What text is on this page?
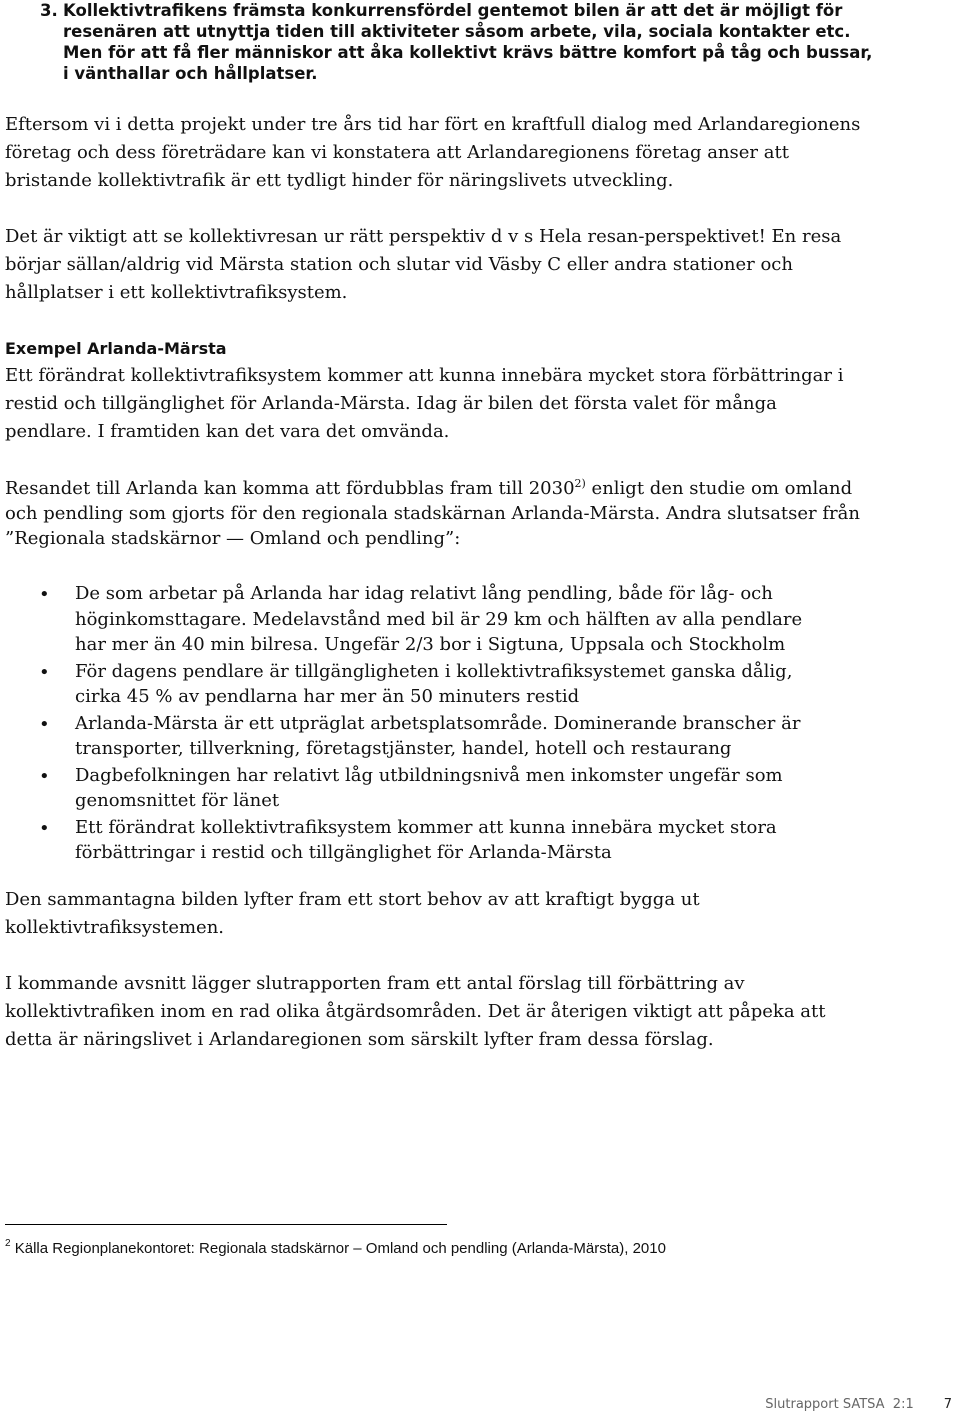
3. Kollektivtrafikens främsta konkurrensfördel gentemot bilen är att det är möjligt för
resenären att utnyttja tiden till aktiviteter såsom arbete, vila, sociala kontakter etc.
Men för att få fler människor att åka kollektivt krävs bättre komfort på tåg och bussar,
i vänthallar och hållplatser.
Eftersom vi i detta projekt under tre års tid har fört en kraftfull dialog med Arlandaregionens
företag och dess företrädare kan vi konstatera att Arlandaregionens företag anser att
bristande kollektivtrafik är ett tydligt hinder för näringslivets utveckling.
Det är viktigt att se kollektivresan ur rätt perspektiv d v s Hela resan-perspektivet! En resa
börjar sällan/aldrig vid Märsta station och slutar vid Väsby C eller andra stationer och
hållplatser i ett kollektivtrafiksystem.
Exempel Arlanda-Märsta
Ett förändrat kollektivtrafiksystem kommer att kunna innebära mycket stora förbättringar i
restid och tillgänglighet för Arlanda-Märsta. Idag är bilen det första valet för många
pendlare. I framtiden kan det vara det omvända.
Resandet till Arlanda kan komma att fördubblas fram till 2030$^{2)}$ enligt den studie om omland
och pendling som gjorts för den regionala stadskärnan Arlanda-Märsta. Andra slutsatser från
”Regionala stadskärnor — Omland och pendling”:
• De som arbetar på Arlanda har idag relativt lång pendling, både för låg- och
höginkomsttagare. Medelavstånd med bil är 29 km och hälften av alla pendlare
har mer än 40 min bilresa. Ungefär 2/3 bor i Sigtuna, Uppsala och Stockholm
• För dagens pendlare är tillgängligheten i kollektivtrafiksystemet ganska dålig,
cirka 45 % av pendlarna har mer än 50 minuters restid
• Arlanda-Märsta är ett utpräglat arbetsplatsområde. Dominerande branscher är
transporter, tillverkning, företagstjänster, handel, hotell och restaurang
• Dagbefolkningen har relativt låg utbildningsnivå men inkomster ungefär som
genomsnittet för länet
• Ett förändrat kollektivtrafiksystem kommer att kunna innebära mycket stora
förbättringar i restid och tillgänglighet för Arlanda-Märsta
Den sammantagna bilden lyfter fram ett stort behov av att kraftigt bygga ut
kollektivtrafiksystemen.
I kommande avsnitt lägger slutrapporten fram ett antal förslag till förbättring av
kollektivtrafiken inom en rad olika åtgärdsområden. Det är återigen viktigt att påpeka att
detta är näringslivet i Arlandaregionen som särskilt lyfter fram dessa förslag.
$^2$ Källa Regionplanekontoret: Regionala stadskärnor – Omland och pendling (Arlanda-Märsta), 2010
Slutrapport SATSA  2:1 7
